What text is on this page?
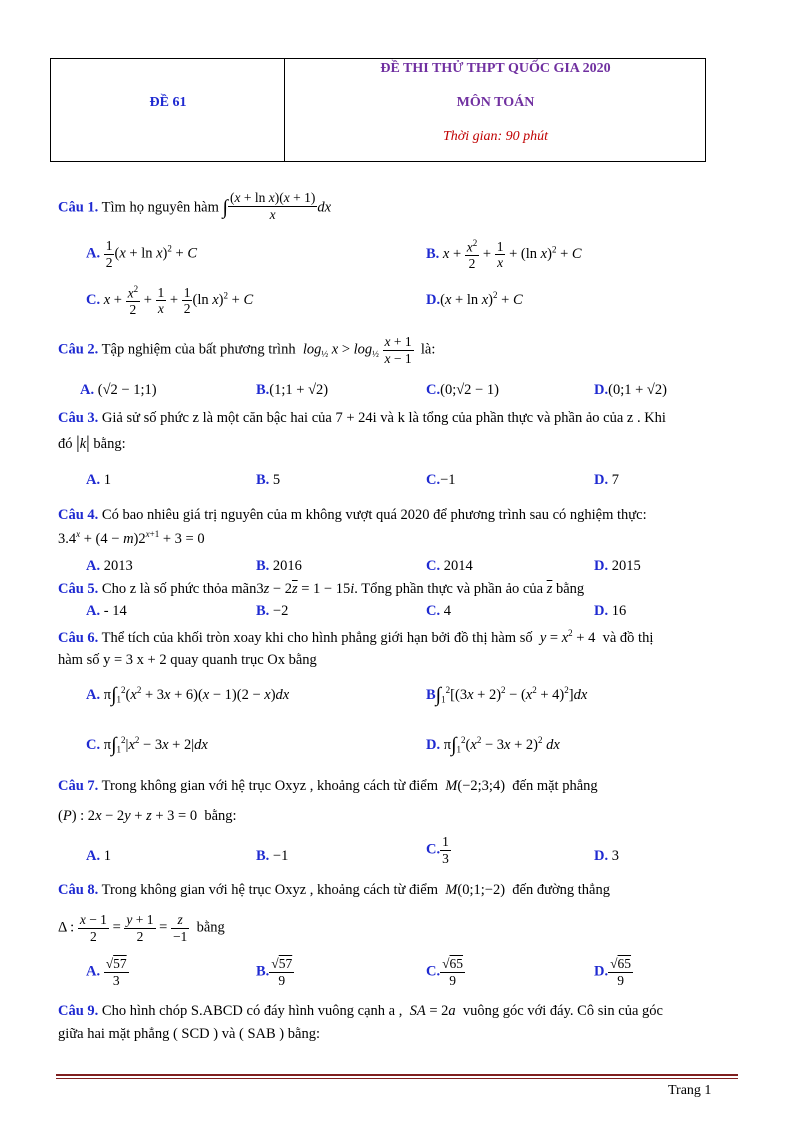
ĐỀ 61
ĐỀ THI THỬ THPT QUỐC GIA 2020
MÔN TOÁN
Thời gian: 90 phút
Câu 1. Tìm họ nguyên hàm ∫ $\frac{\text{(x + ln x)(x + 1)}}{x}$ dx
A. $\frac{1}{2} (x + \ln x)^2 + C$	B. $x + \frac{x^2}{2} + \frac{1}{x} + (\ln$ x)$^2$ + C
C. $x + \frac{x^2}{2} + \frac{1}{x} + \frac{1}{2} (\ln$ x)$^2$ + C	$D.(x + \ln x)^2 + C$
Câu 2. Tập nghiệm của bất phương trình $\log_{\frac{1}{2}} x > \log_{\frac{1}{2}} \frac{x + 1}{x - 1}$ là:
A. (√2 − 1;1)	B.(1;1 + √2)	C.(0;√2 − 1)	D.(0;1 + √2)
Câu 3. Giả sử số phức z là một căn bậc hai của 7 + 24i và k là tổng của phần thực và phần ảo của z . Khi
đó |k| bằng:
A. 1	B. 5	C.−1	D. 7
Câu 4. Có bao nhiêu giá trị nguyên của m không vượt quá 2020 để phương trình sau có nghiệm thực:
$3.4^x + (4 - m)2^{x+1} + 3 = 0$
A. 2013	B. 2016	C. 2014	D. 2015
Câu 5. Cho z là số phức thỏa mãn3z − $2\overline{z} = 1 - 15i$. Tổng phần thực và phần ảo của $\overline{z}$ bằng
A. - 14	B. −2	C. 4	D. 16
Câu 6. Thể tích của khối tròn xoay khi cho hình phẳng giới hạn bởi đồ thị hàm số $y = x^2 + 4$  và đồ thị
hàm số y = 3 x + 2 quay quanh trục Ox bằng
A. $\pi\int_1^2(x^2 + 3x + 6)(x - 1)(2 - x)dx$	$B\int_1^2[(3x + 2)^2 - (x^2 + 4)^2]dx$
C. $\pi\int_1^2|x^2 - 3x + 2|dx$	D. $\pi\int_1^2(x^2 - 3x + 2)^2$ dx
Câu 7. Trong không gian với hệ trục Oxyz , khoảng cách từ điểm M(−2;3;4)  đến mặt phẳng
(P) : 2x − 2y + z + 3 = 0  bằng:
A. 1	B. −1	C. $\frac{1}{3}$	D. 3
Câu 8. Trong không gian với hệ trục Oxyz , khoảng cách từ điểm M(0;1;−2)  đến đường thẳng
Δ : $\frac{x - 1}{2} = \frac{y + 1}{2} = \frac{z}{-1}$ bằng
A. $\frac{√57}{3}$	B. $\frac{√57}{9}$	C. $\frac{√65}{9}$	D. $\frac{√65}{9}$
Câu 9. Cho hình chóp S.ABCD có đáy hình vuông cạnh a , SA = 2a vuông góc với đáy. Cô sin của góc
giữa hai mặt phẳng ( SCD ) và ( SAB ) bằng:
Trang 1
